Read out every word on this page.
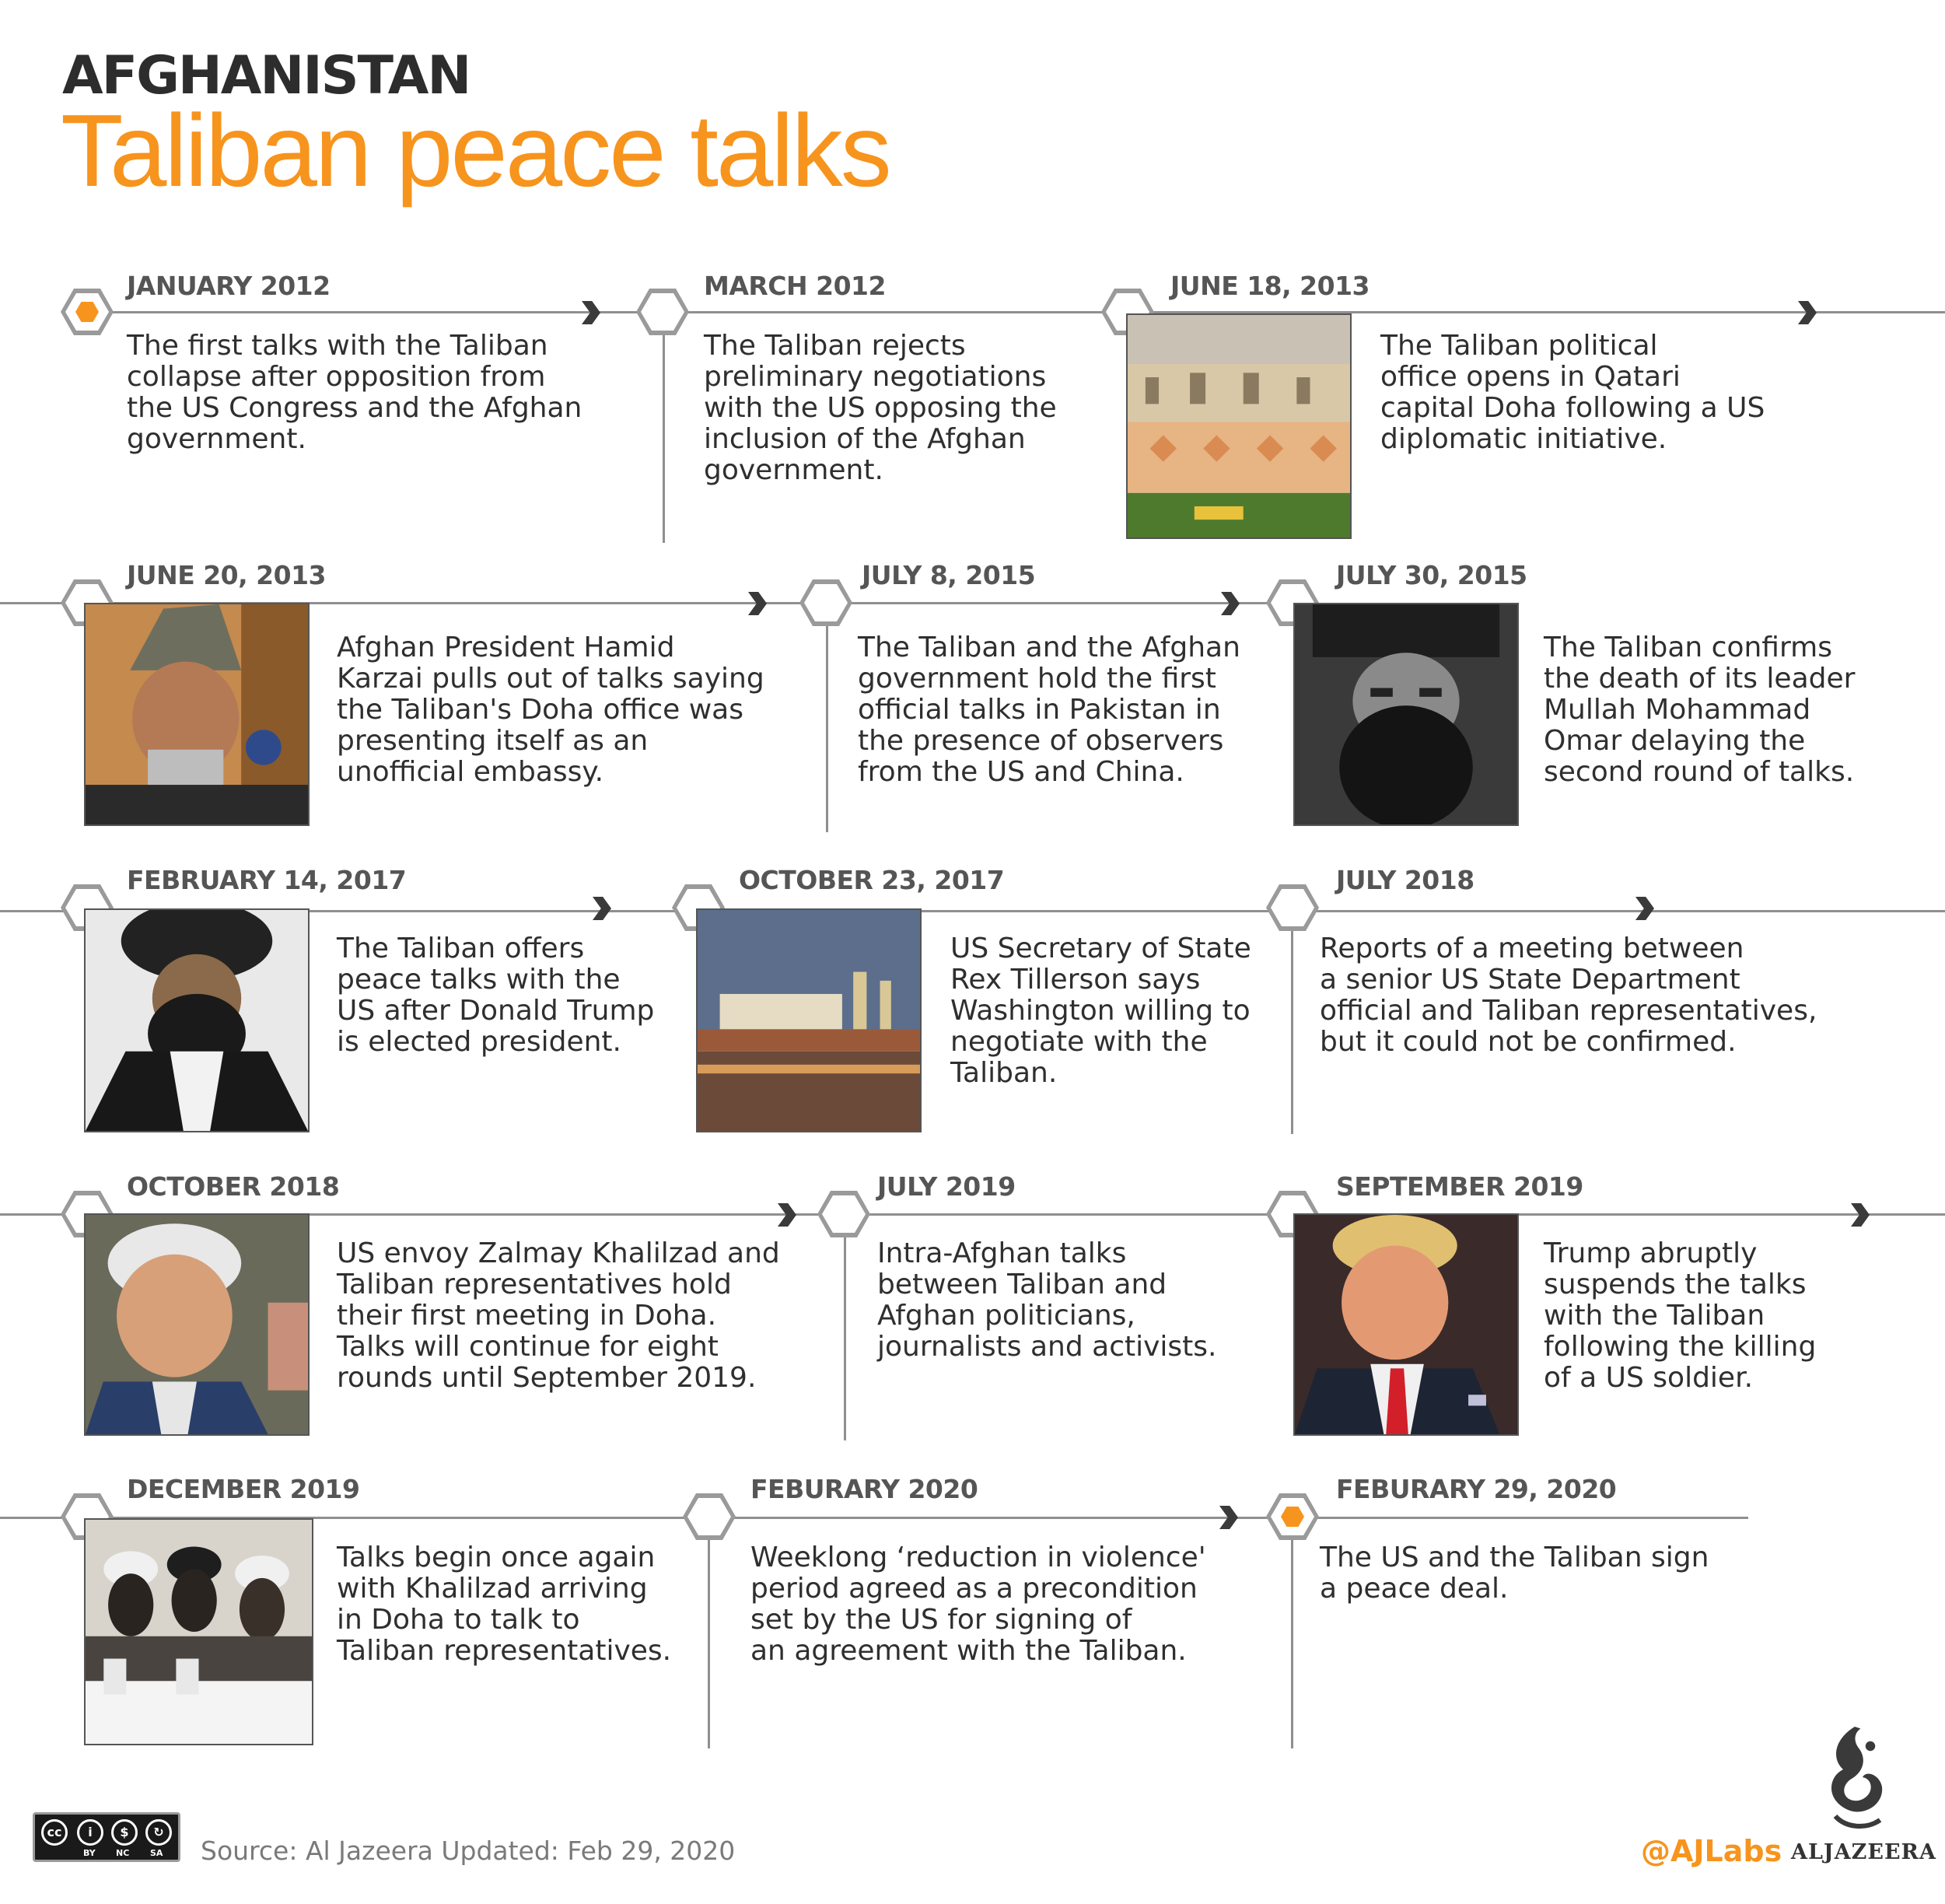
AFGHANISTAN
Taliban peace talks
JANUARY 2012
The first talks with the Taliban
collapse after opposition from
the US Congress and the Afghan
government.
MARCH 2012
The Taliban rejects
preliminary negotiations
with the US opposing the
inclusion of the Afghan
government.
JUNE 18, 2013
The Taliban political
office opens in Qatari
capital Doha following a US
diplomatic initiative.
JUNE 20, 2013
Afghan President Hamid
Karzai pulls out of talks saying
the Taliban's Doha office was
presenting itself as an
unofficial embassy.
JULY 8, 2015
The Taliban and the Afghan
government hold the first
official talks in Pakistan in
the presence of observers
from the US and China.
JULY 30, 2015
The Taliban confirms
the death of its leader
Mullah Mohammad
Omar delaying the
second round of talks.
FEBRUARY 14, 2017
The Taliban offers
peace talks with the
US after Donald Trump
is elected president.
OCTOBER 23, 2017
US Secretary of State
Rex Tillerson says
Washington willing to
negotiate with the
Taliban.
JULY 2018
Reports of a meeting between
a senior US State Department
official and Taliban representatives,
but it could not be confirmed.
OCTOBER 2018
US envoy Zalmay Khalilzad and
Taliban representatives hold
their first meeting in Doha.
Talks will continue for eight
rounds until September 2019.
JULY 2019
Intra-Afghan talks
between Taliban and
Afghan politicians,
journalists and activists.
SEPTEMBER 2019
Trump abruptly
suspends the talks
with the Taliban
following the killing
of a US soldier.
DECEMBER 2019
Talks begin once again
with Khalilzad arriving
in Doha to talk to
Taliban representatives.
FEBURARY 2020
Weeklong ‘reduction in violence'
period agreed as a precondition
set by the US for signing of
an agreement with the Taliban.
FEBURARY 29, 2020
The US and the Taliban sign
a peace deal.
cc	i	$	↻
BY NC SA Source: Al Jazeera Updated: Feb 29, 2020	@AJLabs ALJAZEERA
